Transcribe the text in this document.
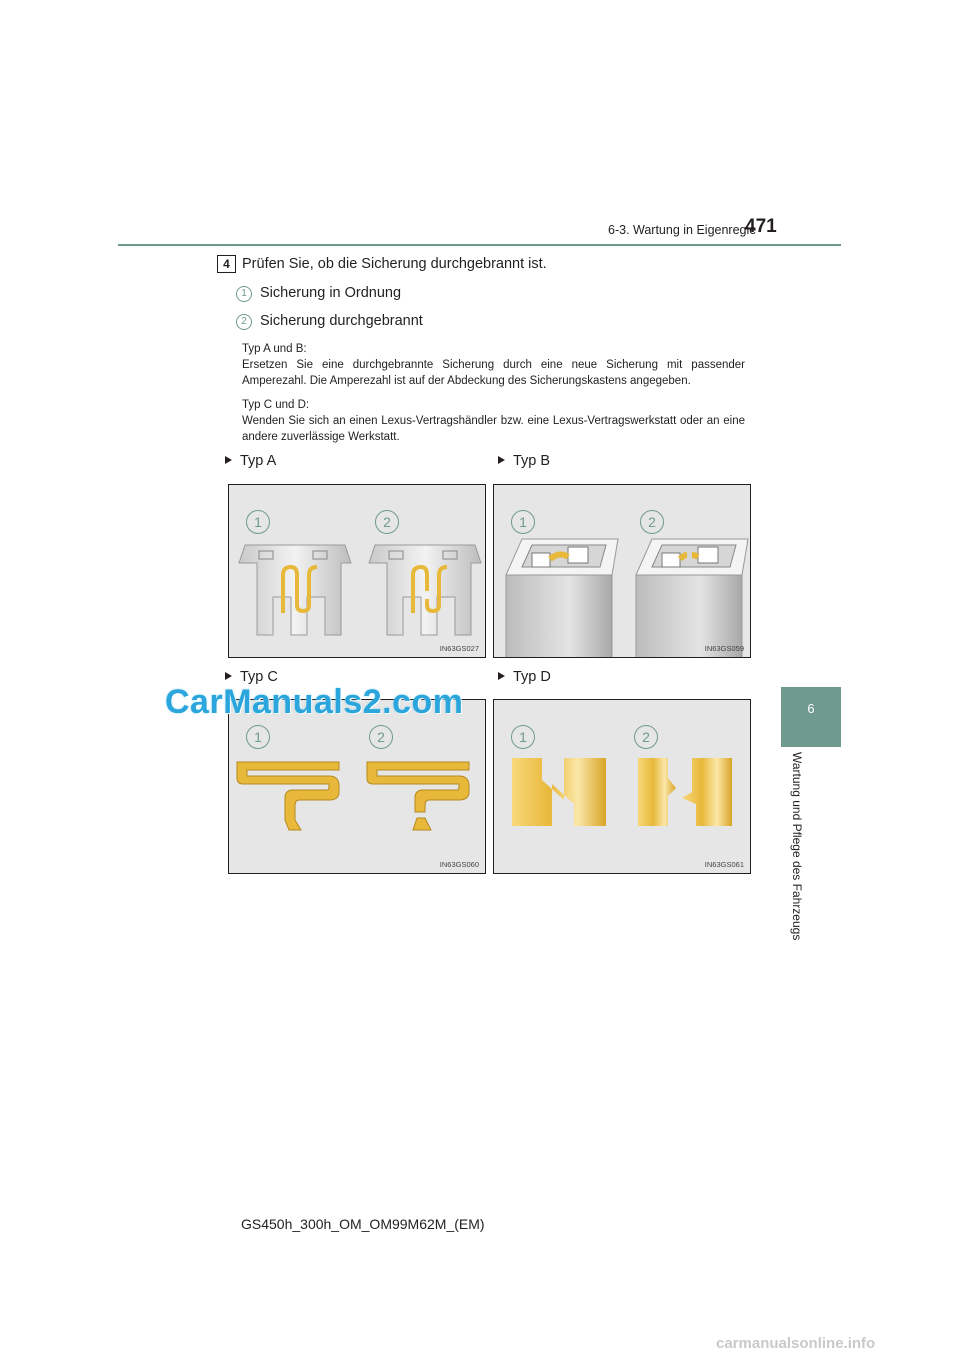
6-3. Wartung in Eigenregie
471
6
Wartung und Pflege des Fahrzeugs
4 Prüfen Sie, ob die Sicherung durchgebrannt ist.
1 Sicherung in Ordnung
2 Sicherung durchgebrannt

Typ A und B:

Ersetzen Sie eine durchgebrannte Sicherung durch eine neue Sicherung mit passender Amperezahl. Die Amperezahl ist auf der Abdeckung des Sicherungskastens angegeben.

Typ C und D:

Wenden Sie sich an einen Lexus-Vertragshändler bzw. eine Lexus-Vertragswerkstatt oder an eine andere zuverlässige Werkstatt.

Typ A	Typ B
Typ C	Typ D
1	2
IN63GS027
1	2
IN63GS059
1	2
IN63GS060
1	2
IN63GS061
CarManuals2.com
GS450h_300h_OM_OM99M62M_(EM)
carmanualsonline.info
